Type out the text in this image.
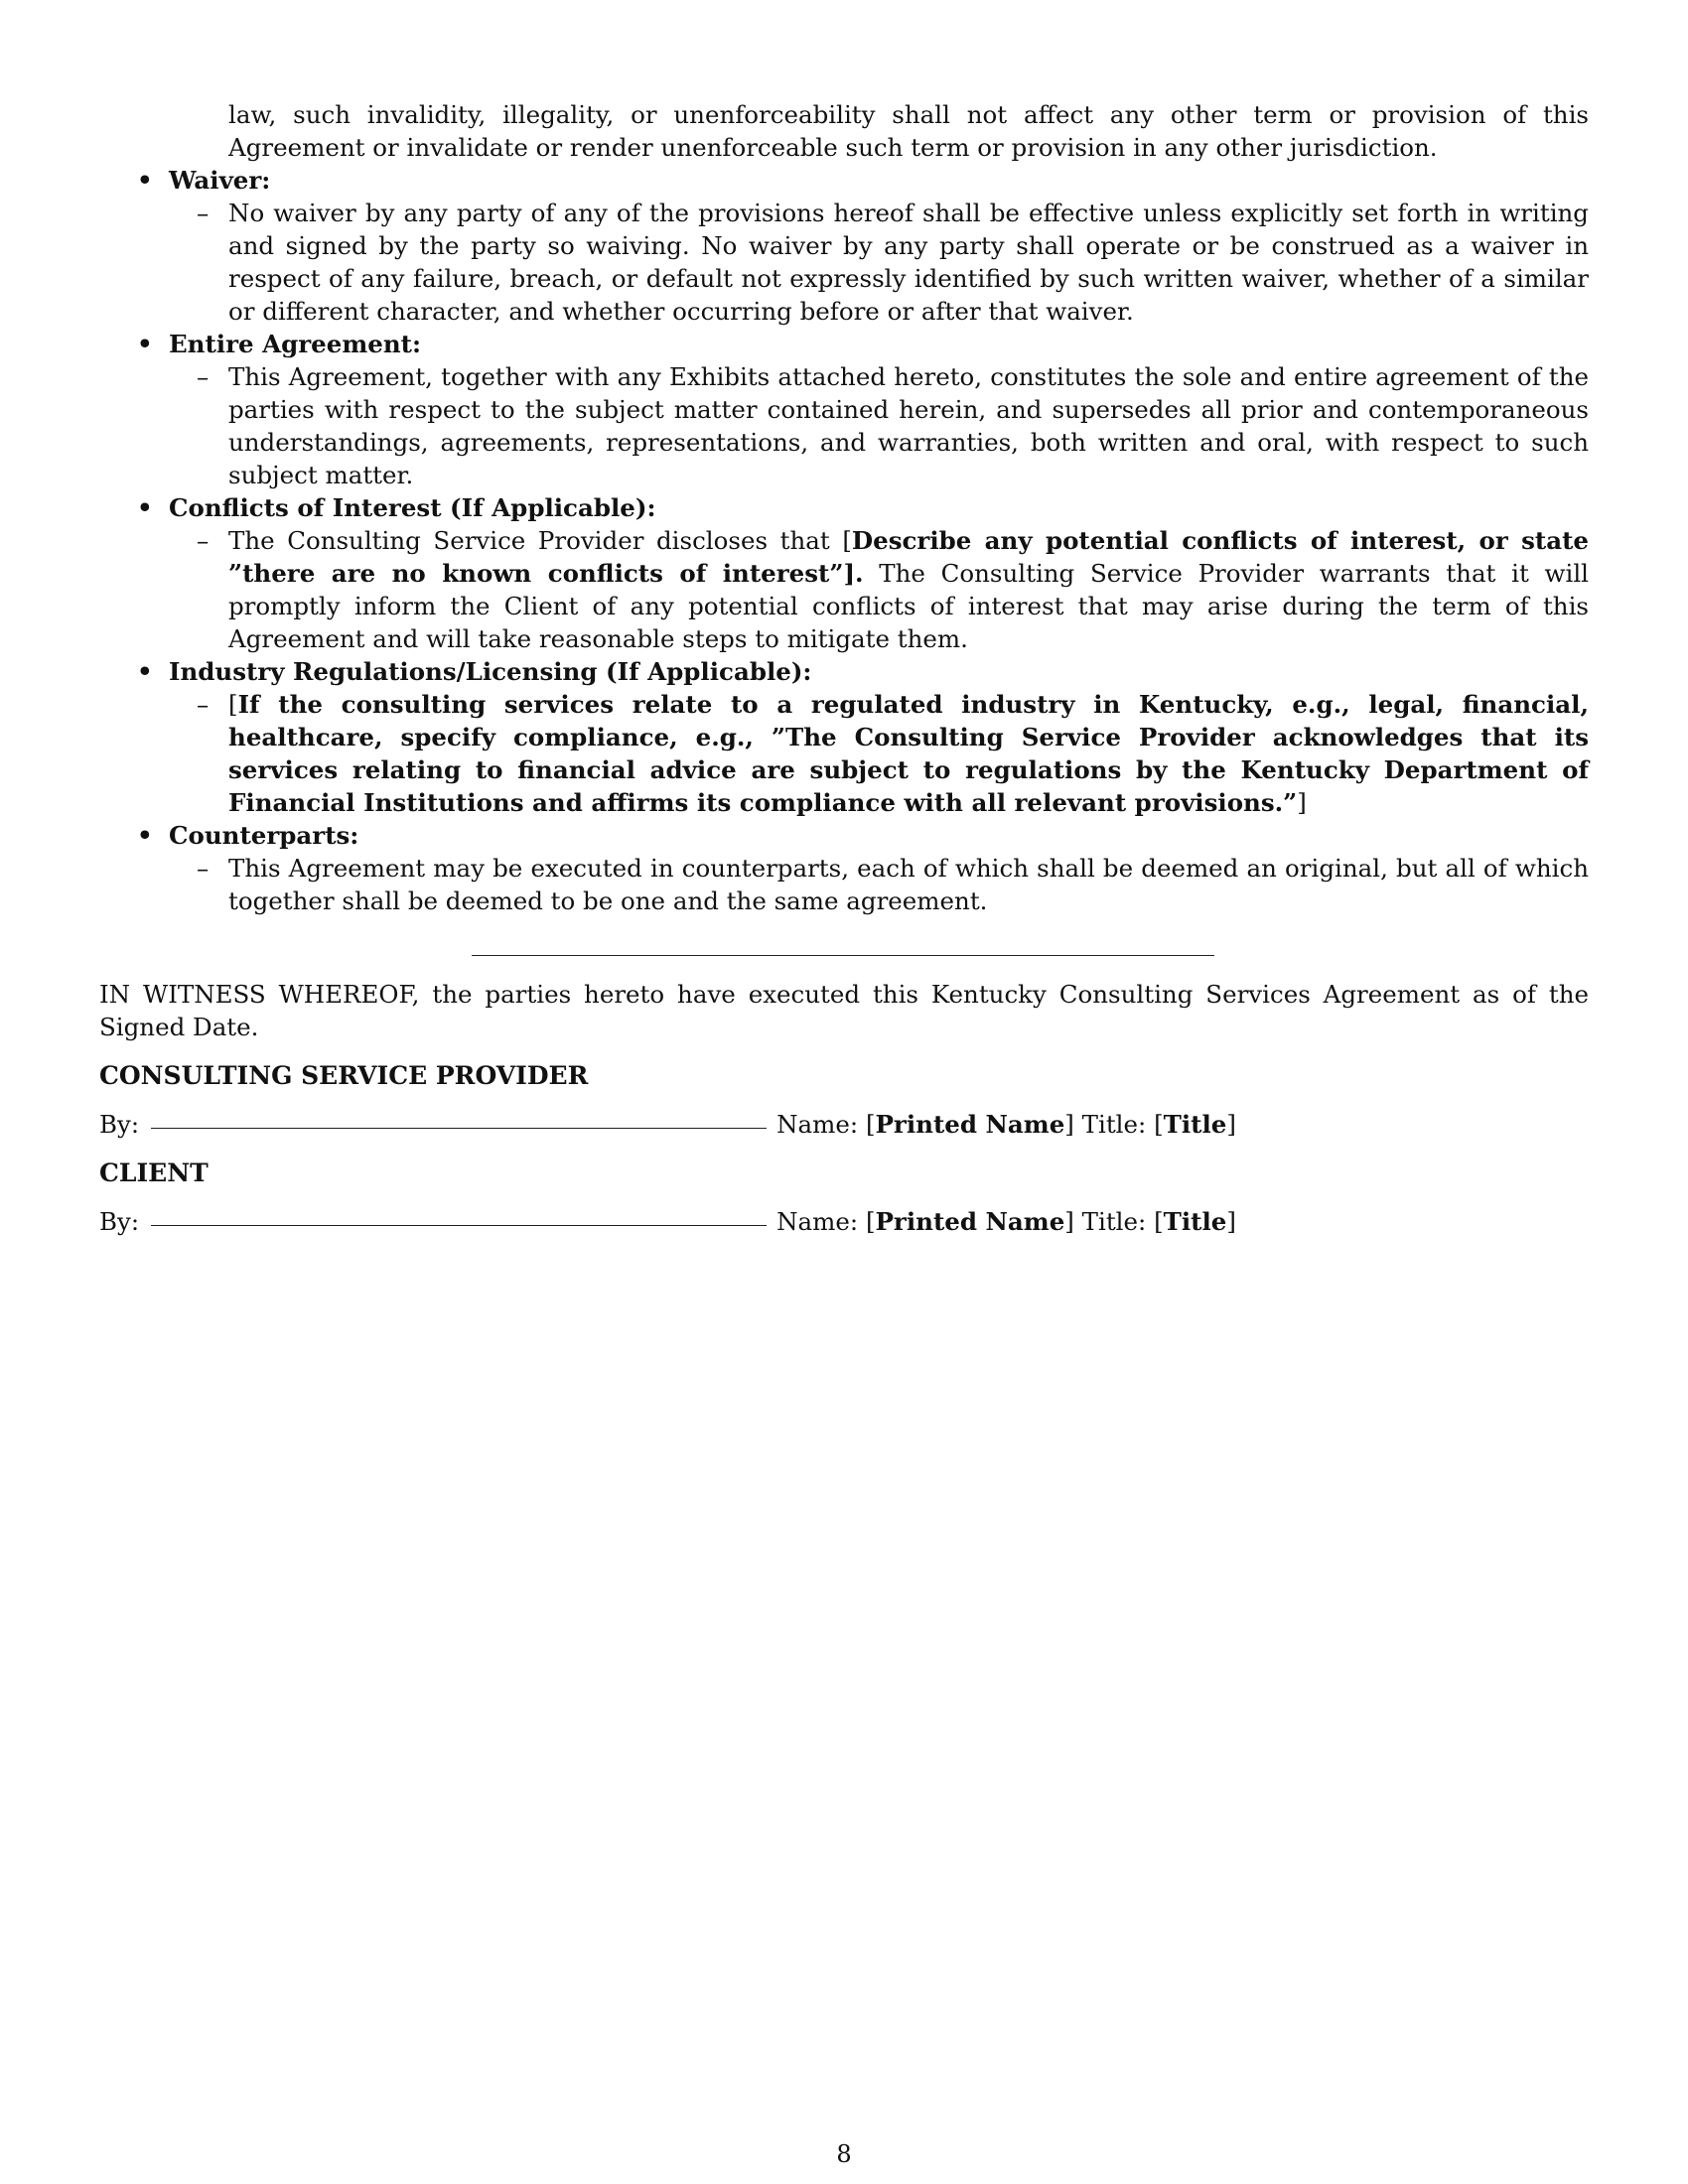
law, such invalidity, illegality, or unenforceability shall not affect any other term or provision of this Agreement or invalidate or render unenforceable such term or provision in any other jurisdiction.
• Waiver:
– No waiver by any party of any of the provisions hereof shall be effective unless explicitly set forth in writing and signed by the party so waiving. No waiver by any party shall operate or be construed as a waiver in respect of any failure, breach, or default not expressly identified by such written waiver, whether of a similar or different character, and whether occurring before or after that waiver.
• Entire Agreement:
– This Agreement, together with any Exhibits attached hereto, constitutes the sole and entire agreement of the parties with respect to the subject matter contained herein, and supersedes all prior and contemporaneous understandings, agreements, representations, and warranties, both written and oral, with respect to such subject matter.
• Conflicts of Interest (If Applicable):
– The Consulting Service Provider discloses that [Describe any potential conflicts of interest, or state ”there are no known conflicts of interest”]. The Consulting Service Provider warrants that it will promptly inform the Client of any potential conflicts of interest that may arise during the term of this Agreement and will take reasonable steps to mitigate them.
• Industry Regulations/Licensing (If Applicable):
– [If the consulting services relate to a regulated industry in Kentucky, e.g., legal, financial, healthcare, specify compliance, e.g., ”The Consulting Service Provider acknowledges that its services relating to financial advice are subject to regulations by the Kentucky Department of Financial Institutions and affirms its compliance with all relevant provisions.”]
• Counterparts:
– This Agreement may be executed in counterparts, each of which shall be deemed an original, but all of which together shall be deemed to be one and the same agreement.
IN WITNESS WHEREOF, the parties hereto have executed this Kentucky Consulting Services Agreement as of the Signed Date.
CONSULTING SERVICE PROVIDER
By:	Name:
[ Printed Name ]
Title:
[ Title ]
CLIENT
By:	Name:
[ Printed Name ]
Title:
[ Title ]
8
